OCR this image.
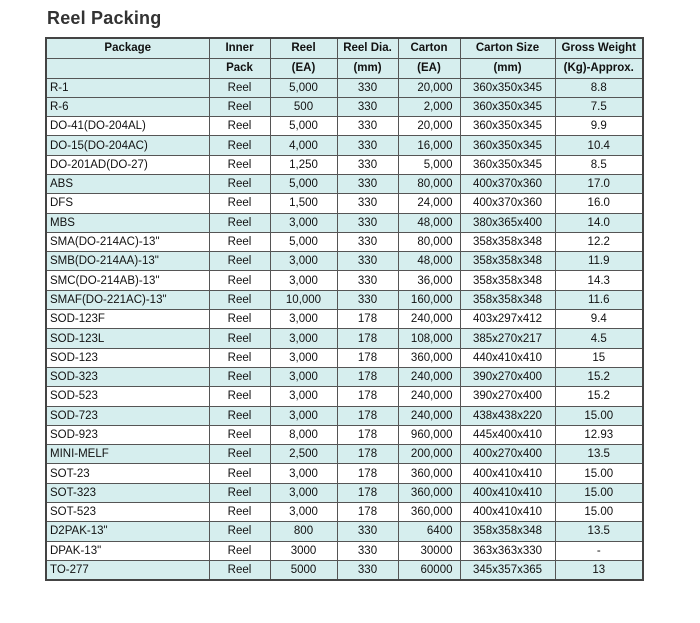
Reel Packing
Package	Inner	Reel	Reel Dia.	Carton	Carton Size	Gross Weight
	Pack	(EA)	(mm)	(EA)	(mm)	(Kg)-Approx.
R-1	Reel	5,000	330	20,000	360x350x345	8.8
R-6	Reel	500	330	2,000	360x350x345	7.5
DO-41(DO-204AL)	Reel	5,000	330	20,000	360x350x345	9.9
DO-15(DO-204AC)	Reel	4,000	330	16,000	360x350x345	10.4
DO-201AD(DO-27)	Reel	1,250	330	5,000	360x350x345	8.5
ABS	Reel	5,000	330	80,000	400x370x360	17.0
DFS	Reel	1,500	330	24,000	400x370x360	16.0
MBS	Reel	3,000	330	48,000	380x365x400	14.0
SMA(DO-214AC)-13"	Reel	5,000	330	80,000	358x358x348	12.2
SMB(DO-214AA)-13"	Reel	3,000	330	48,000	358x358x348	11.9
SMC(DO-214AB)-13"	Reel	3,000	330	36,000	358x358x348	14.3
SMAF(DO-221AC)-13"	Reel	10,000	330	160,000	358x358x348	11.6
SOD-123F	Reel	3,000	178	240,000	403x297x412	9.4
SOD-123L	Reel	3,000	178	108,000	385x270x217	4.5
SOD-123	Reel	3,000	178	360,000	440x410x410	15
SOD-323	Reel	3,000	178	240,000	390x270x400	15.2
SOD-523	Reel	3,000	178	240,000	390x270x400	15.2
SOD-723	Reel	3,000	178	240,000	438x438x220	15.00
SOD-923	Reel	8,000	178	960,000	445x400x410	12.93
MINI-MELF	Reel	2,500	178	200,000	400x270x400	13.5
SOT-23	Reel	3,000	178	360,000	400x410x410	15.00
SOT-323	Reel	3,000	178	360,000	400x410x410	15.00
SOT-523	Reel	3,000	178	360,000	400x410x410	15.00
D2PAK-13"	Reel	800	330	6400	358x358x348	13.5
DPAK-13"	Reel	3000	330	30000	363x363x330	-
TO-277	Reel	5000	330	60000	345x357x365	13
